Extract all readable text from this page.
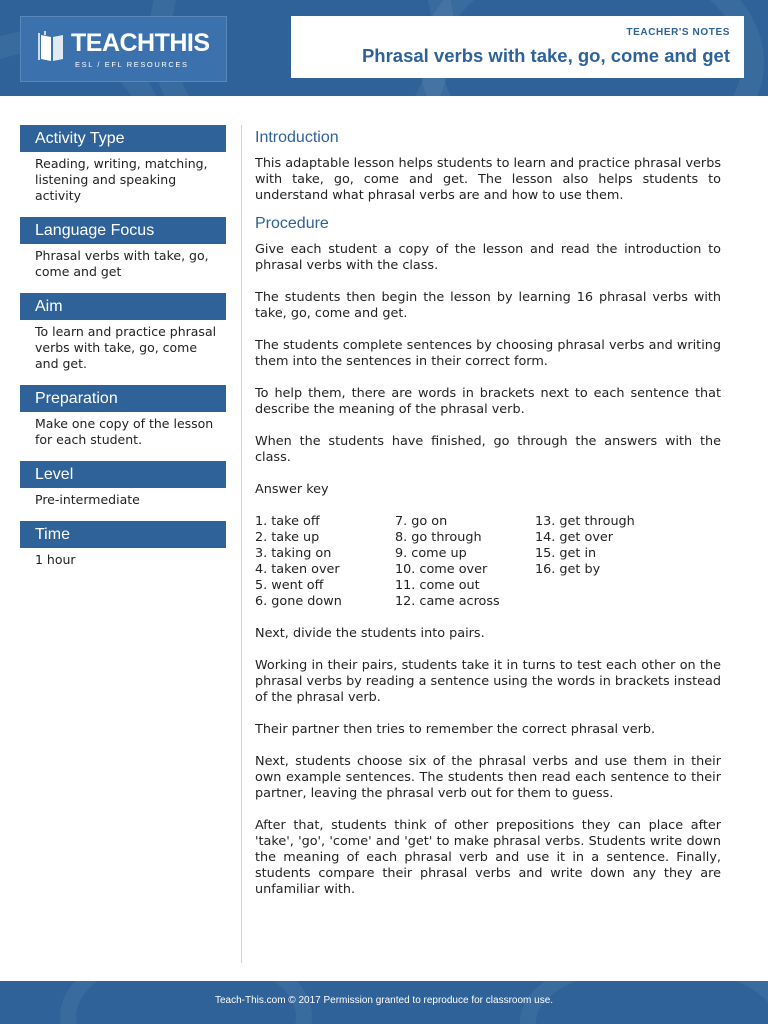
TEACHTHIS
ESL / EFL RESOURCES
TEACHER'S NOTES
Phrasal verbs with take, go, come and get
Activity Type
Reading, writing, matching, listening and speaking activity
Language Focus
Phrasal verbs with take, go, come and get
Aim
To learn and practice phrasal verbs with take, go, come and get.
Preparation
Make one copy of the lesson for each student.
Level
Pre-intermediate
Time
1 hour
Introduction

This adaptable lesson helps students to learn and practice phrasal verbs with take, go, come and get. The lesson also helps students to understand what phrasal verbs are and how to use them.

Procedure

Give each student a copy of the lesson and read the introduction to phrasal verbs with the class.

The students then begin the lesson by learning 16 phrasal verbs with take, go, come and get.

The students complete sentences by choosing phrasal verbs and writing them into the sentences in their correct form.

To help them, there are words in brackets next to each sentence that describe the meaning of the phrasal verb.

When the students have finished, go through the answers with the class.

Answer key

1. take off
2. take up
3. taking on
4. taken over
5. went off
6. gone down
7. go on
8. go through
9. come up
10. come over
11. come out
12. came across
13. get through
14. get over
15. get in
16. get by

Next, divide the students into pairs.

Working in their pairs, students take it in turns to test each other on the phrasal verbs by reading a sentence using the words in brackets instead of the phrasal verb.

Their partner then tries to remember the correct phrasal verb.

Next, students choose six of the phrasal verbs and use them in their own example sentences. The students then read each sentence to their partner, leaving the phrasal verb out for them to guess.

After that, students think of other prepositions they can place after 'take', 'go', 'come' and 'get' to make phrasal verbs. Students write down the meaning of each phrasal verb and use it in a sentence. Finally, students compare their phrasal verbs and write down any they are unfamiliar with.

Teach-This.com © 2017 Permission granted to reproduce for classroom use.
